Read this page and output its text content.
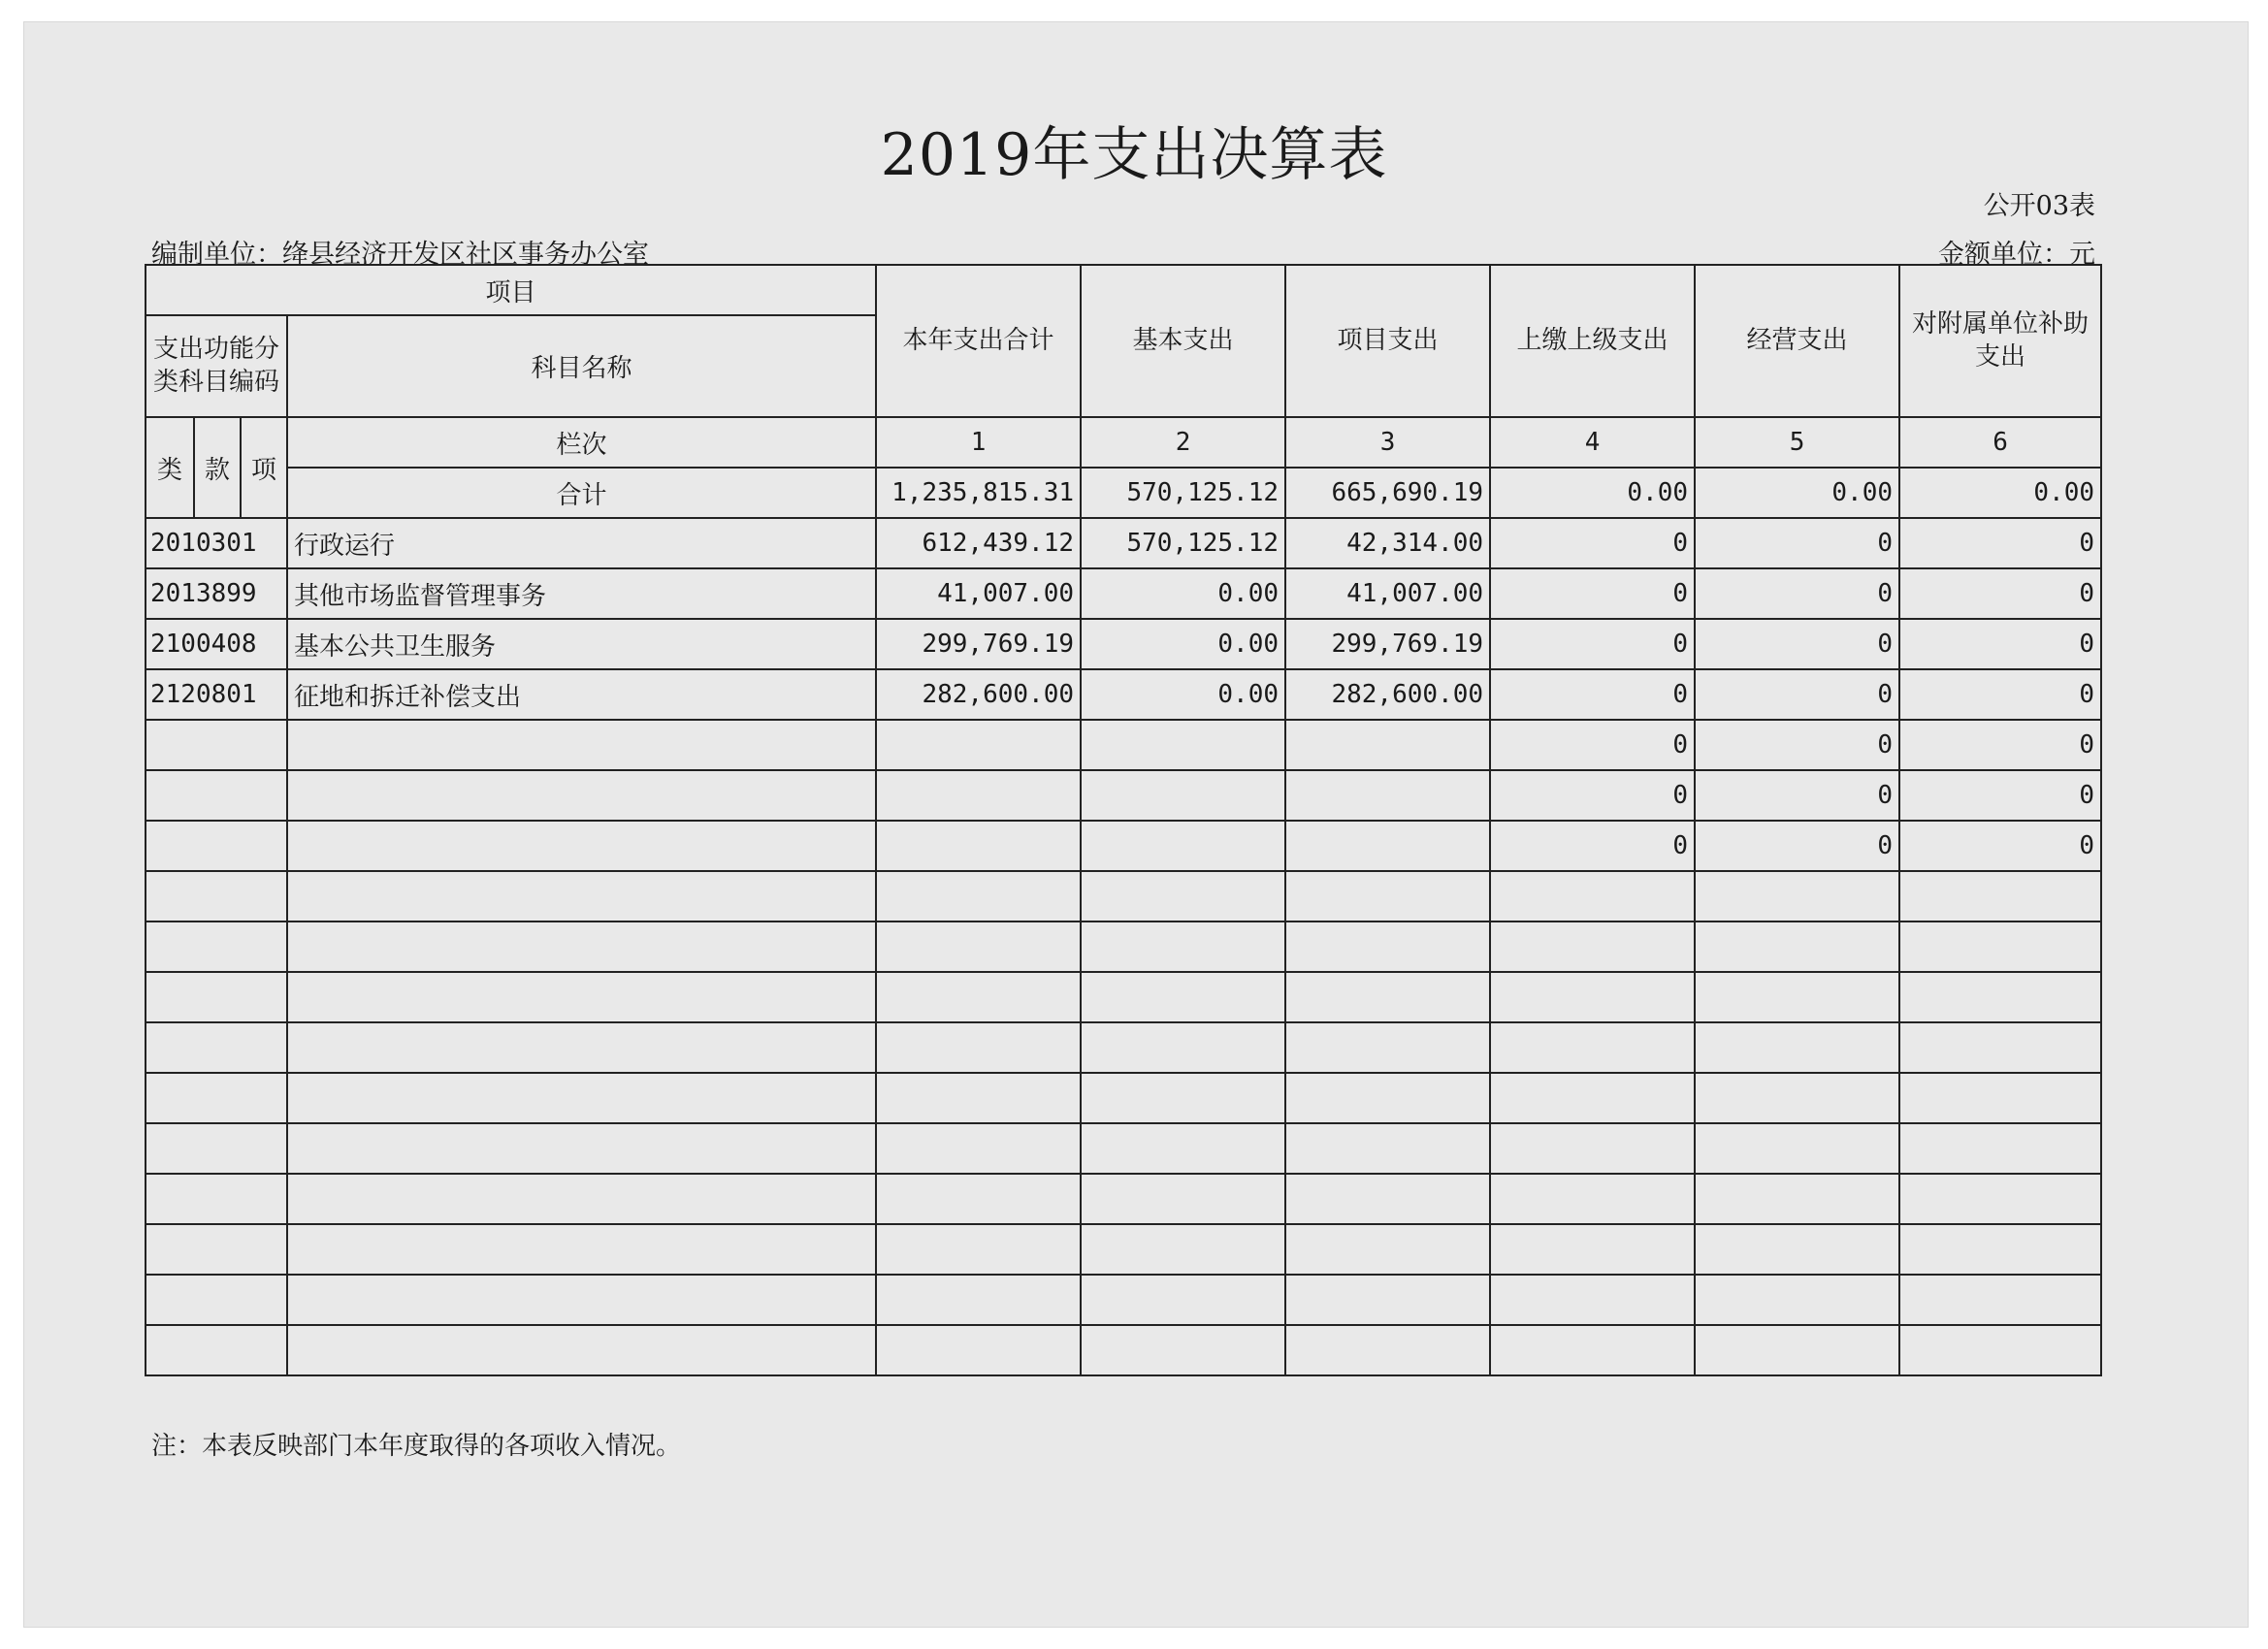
2019年支出决算表
公开03表
编制单位：绛县经济开发区社区事务办公室	金额单位：元
项目				本年支出合计	基本支出	项目支出	上缴上级支出	经营支出	对附属单位补助支出
支出功能分类科目编码			科目名称						
类	款	项	栏次	1	2	3	4	5	6
			合计	1,235,815.31	570,125.12	665,690.19	0.00	0.00	0.00
2010301			行政运行	612,439.12	570,125.12	42,314.00	0	0	0
2013899			其他市场监督管理事务	41,007.00	0.00	41,007.00	0	0	0
2100408			基本公共卫生服务	299,769.19	0.00	299,769.19	0	0	0
2120801			征地和拆迁补偿支出	282,600.00	0.00	282,600.00	0	0	0
							0	0	0
							0	0	0
							0	0	0

注：本表反映部门本年度取得的各项收入情况。
